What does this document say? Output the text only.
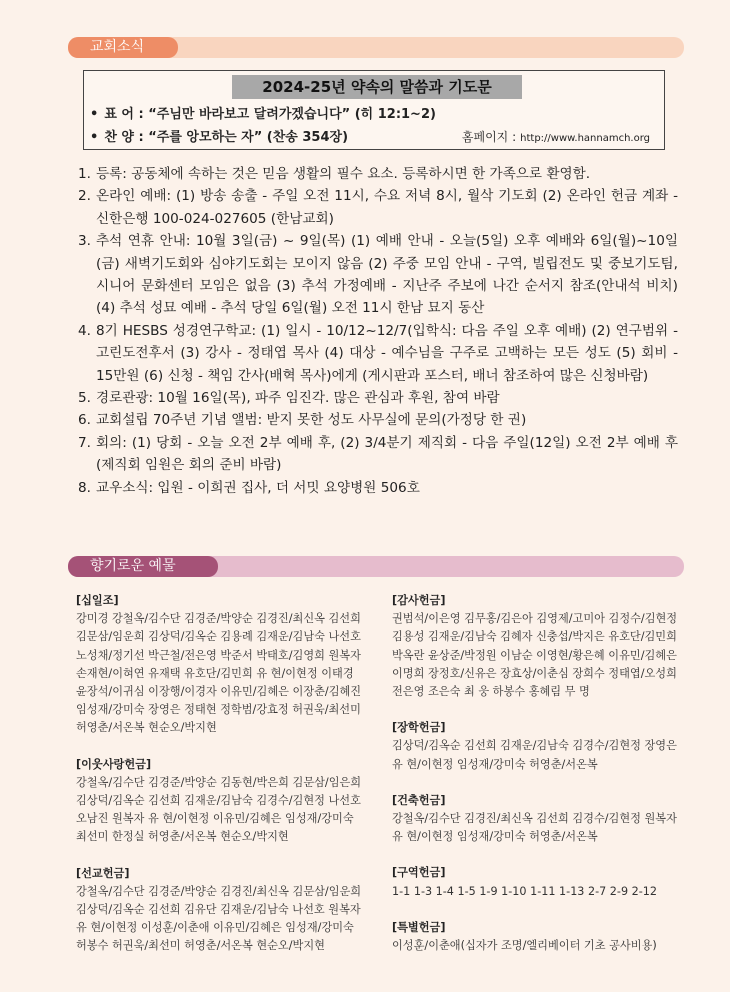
교회소식
2024-25년 약속의 말씀과 기도문
• 표 어 : “주님만 바라보고 달려가겠습니다” (히 12:1~2)
• 찬 양 : “주를 앙모하는 자” (찬송 354장)	홈페이지 : http://www.hannamch.org
1. 등록: 공동체에 속하는 것은 믿음 생활의 필수 요소. 등록하시면 한 가족으로 환영함.
2. 온라인 예배: (1) 방송 송출 - 주일 오전 11시, 수요 저녁 8시, 월삭 기도회 (2) 온라인 헌금 계좌 - 신한은행 100-024-027605 (한남교회)
3. 추석 연휴 안내: 10월 3일(금) ~ 9일(목) (1) 예배 안내 - 오늘(5일) 오후 예배와 6일(월)~10일(금) 새벽기도회와 심야기도회는 모이지 않음 (2) 주중 모임 안내 - 구역, 빌립전도 및 중보기도팀, 시니어 문화센터 모임은 없음 (3) 추석 가정예배 - 지난주 주보에 나간 순서지 참조(안내석 비치) (4) 추석 성묘 예배 - 추석 당일 6일(월) 오전 11시 한남 묘지 동산
4. 8기 HESBS 성경연구학교: (1) 일시 - 10/12~12/7(입학식: 다음 주일 오후 예배) (2) 연구범위 - 고린도전후서 (3) 강사 - 정태엽 목사 (4) 대상 - 예수님을 구주로 고백하는 모든 성도 (5) 회비 - 15만원 (6) 신청 - 책임 간사(배혁 목사)에게 (게시판과 포스터, 배너 참조하여 많은 신청바람)
5. 경로관광: 10월 16일(목), 파주 임진각. 많은 관심과 후원, 참여 바람
6. 교회설립 70주년 기념 앨범: 받지 못한 성도 사무실에 문의(가정당 한 권)
7. 회의: (1) 당회 - 오늘 오전 2부 예배 후, (2) 3/4분기 제직회 - 다음 주일(12일) 오전 2부 예배 후(제직회 임원은 회의 준비 바람)
8. 교우소식: 입원 - 이희권 집사, 더 서밋 요양병원 506호
향기로운 예물
[십일조]
강미경 강철옥/김수단 김경준/박양순 김경진/최신옥 김선희
김문삼/임운희 김상덕/김옥순 김용례 김재운/김남숙 나선호
노성채/정기선 박근철/전은영 박준서 박태호/김영희 원복자
손재현/이혀연 유재택 유호단/김민희 유 현/이현정 이태경
윤장석/이귀심 이장행/이경자 이유민/김혜은 이장춘/김혜진
임성재/강미숙 장영은 정태현 정학범/강효정 허권욱/최선미
허영춘/서온복 현순오/박지현
[이웃사랑헌금]
강철옥/김수단 김경준/박양순 김동현/박은희 김문삼/임은희
김상덕/김옥순 김선희 김재운/김남숙 김경수/김현정 나선호
오남진 원복자 유 현/이현정 이유민/김혜은 임성재/강미숙
최선미 한정실 허영춘/서온복 현순오/박지현
[선교헌금]
강철옥/김수단 김경준/박양순 김경진/최신옥 김문삼/임운희
김상덕/김옥순 김선희 김유단 김재운/김남숙 나선호 원복자
유 현/이현정 이성훈/이춘애 이유민/김혜은 임성재/강미숙
허봉수 허권욱/최선미 허영춘/서온복 현순오/박지현
[감사헌금]
권범석/이은영 김무홍/김은아 김영제/고미아 김정수/김현정
김용성 김재운/김남숙 김혜자 신충섭/박지은 유호단/김민희
박옥란 윤상준/박정원 이남순 이영현/황은혜 이유민/김혜은
이명희 장정호/신유은 장효상/이춘심 장희수 정태엽/오성희
전은영 조은숙 최 웅 하봉수 홍혜림 무 명
[장학헌금]
김상덕/김옥순 김선희 김재운/김남숙 김경수/김현정 장영은
유 현/이현정 임성재/강미숙 허영춘/서온복
[건축헌금]
강철옥/김수단 김경진/최신옥 김선희 김경수/김현정 원복자
유 현/이현정 임성재/강미숙 허영춘/서온복
[구역헌금]
1-1 1-3 1-4 1-5 1-9 1-10 1-11 1-13 2-7 2-9 2-12
[특별헌금]
이성훈/이춘애(십자가 조명/엘리베이터 기초 공사비용)
